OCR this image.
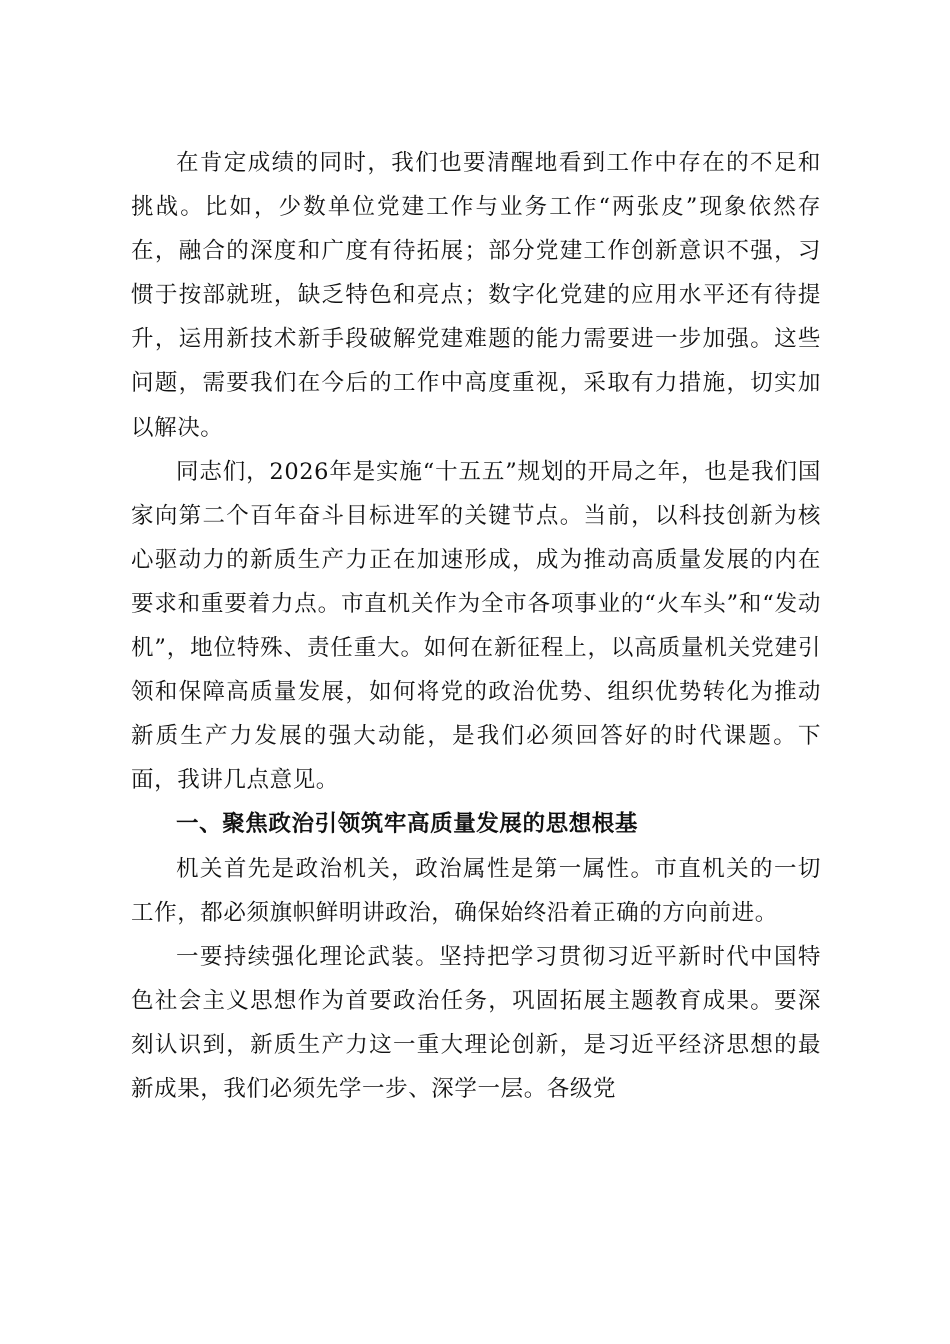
在肯定成绩的同时，我们也要清醒地看到工作中存在的不足和挑战。比如，少数单位党建工作与业务工作“两张皮”现象依然存在，融合的深度和广度有待拓展；部分党建工作创新意识不强，习惯于按部就班，缺乏特色和亮点；数字化党建的应用水平还有待提升，运用新技术新手段破解党建难题的能力需要进一步加强。这些问题，需要我们在今后的工作中高度重视，采取有力措施，切实加以解决。

同志们，2026年是实施“十五五”规划的开局之年，也是我们国家向第二个百年奋斗目标进军的关键节点。当前，以科技创新为核心驱动力的新质生产力正在加速形成，成为推动高质量发展的内在要求和重要着力点。市直机关作为全市各项事业的“火车头”和“发动机”，地位特殊、责任重大。如何在新征程上，以高质量机关党建引领和保障高质量发展，如何将党的政治优势、组织优势转化为推动新质生产力发展的强大动能，是我们必须回答好的时代课题。下面，我讲几点意见。

一、聚焦政治引领筑牢高质量发展的思想根基

机关首先是政治机关，政治属性是第一属性。市直机关的一切工作，都必须旗帜鲜明讲政治，确保始终沿着正确的方向前进。

一要持续强化理论武装。坚持把学习贯彻习近平新时代中国特色社会主义思想作为首要政治任务，巩固拓展主题教育成果。要深刻认识到，新质生产力这一重大理论创新，是习近平经济思想的最新成果，我们必须先学一步、深学一层。各级党
